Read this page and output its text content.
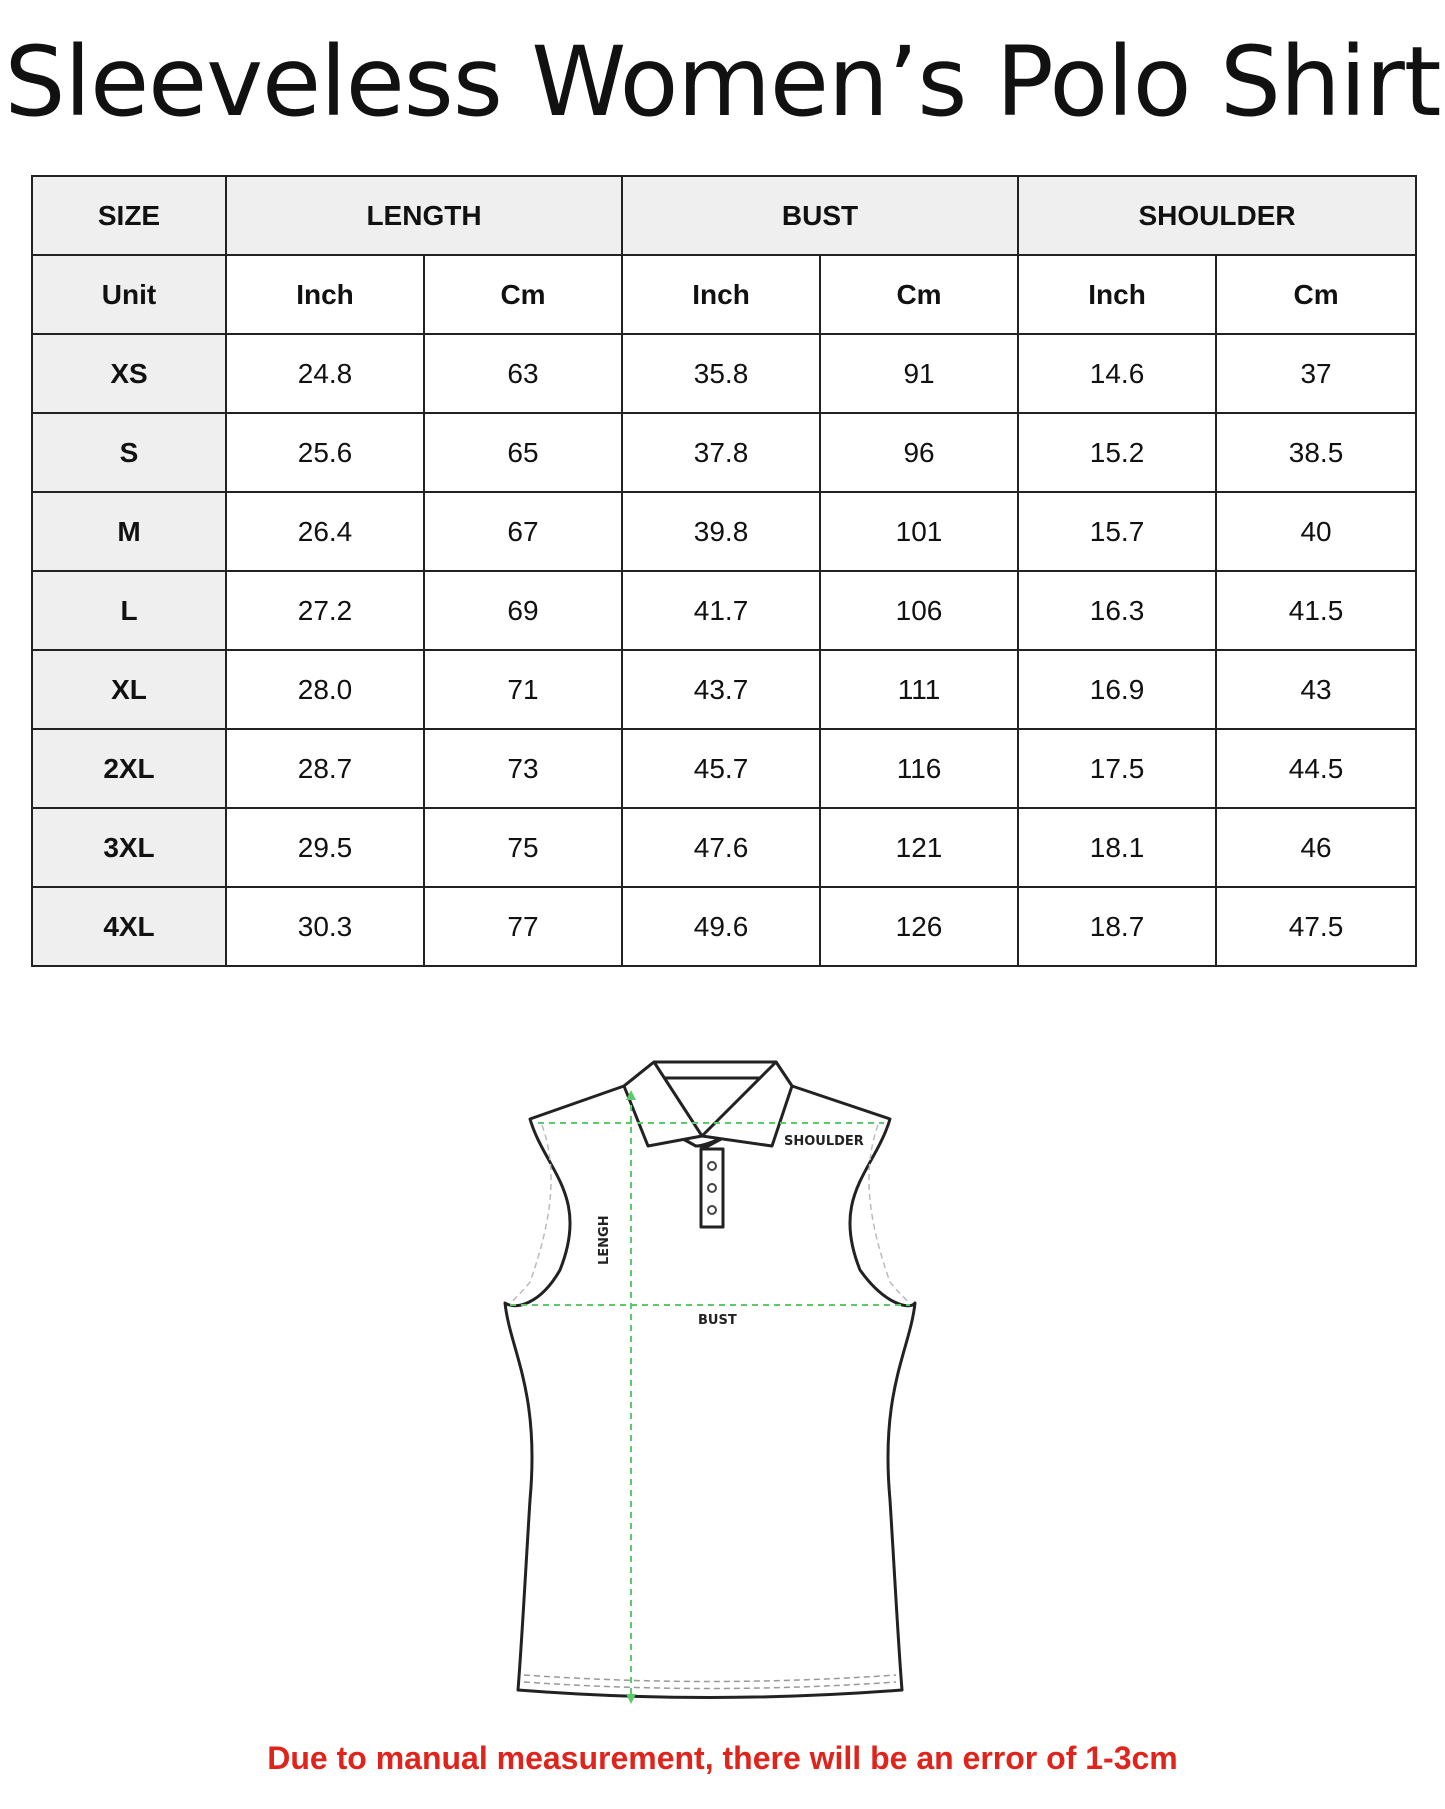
Sleeveless Women’s Polo Shirt
SIZE	LENGTH		BUST		SHOULDER	
Unit	Inch	Cm	Inch	Cm	Inch	Cm
XS	24.8	63	35.8	91	14.6	37
S	25.6	65	37.8	96	15.2	38.5
M	26.4	67	39.8	101	15.7	40
L	27.2	69	41.7	106	16.3	41.5
XL	28.0	71	43.7	111	16.9	43
2XL	28.7	73	45.7	116	17.5	44.5
3XL	29.5	75	47.6	121	18.1	46
4XL	30.3	77	49.6	126	18.7	47.5
SHOULDER
BUST
LENGH
Due to manual measurement, there will be an error of 1-3cm
